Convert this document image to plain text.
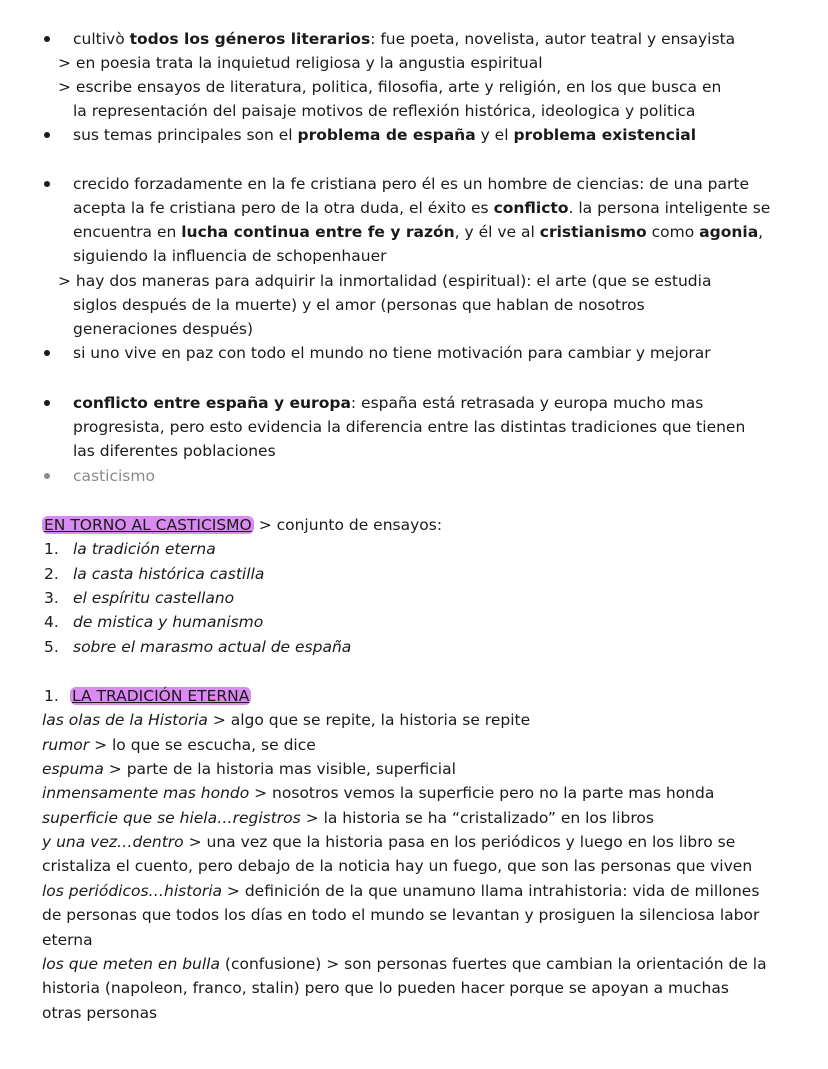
cultivò todos los géneros literarios: fue poeta, novelista, autor teatral y ensayista
> en poesia trata la inquietud religiosa y la angustia espiritual
> escribe ensayos de literatura, politica, filosofia, arte y religión, en los que busca en
la representación del paisaje motivos de reflexión histórica, ideologica y politica
sus temas principales son el problema de españa y el problema existencial
crecido forzadamente en la fe cristiana pero él es un hombre de ciencias: de una parte
acepta la fe cristiana pero de la otra duda, el éxito es conflicto. la persona inteligente se
encuentra en lucha continua entre fe y razón, y él ve al cristianismo como agonia,
siguiendo la influencia de schopenhauer
> hay dos maneras para adquirir la inmortalidad (espiritual): el arte (que se estudia
siglos después de la muerte) y el amor (personas que hablan de nosotros
generaciones después)
si uno vive en paz con todo el mundo no tiene motivación para cambiar y mejorar
conflicto entre españa y europa: españa está retrasada y europa mucho mas
progresista, pero esto evidencia la diferencia entre las distintas tradiciones que tienen
las diferentes poblaciones
casticismo
EN TORNO AL CASTICISMO > conjunto de ensayos:
1. la tradición eterna
2. la casta histórica castilla
3. el espíritu castellano
4. de mistica y humanismo
5. sobre el marasmo actual de españa
1. LA TRADICIÓN ETERNA
las olas de la Historia > algo que se repite, la historia se repite
rumor > lo que se escucha, se dice
espuma > parte de la historia mas visible, superficial
inmensamente mas hondo > nosotros vemos la superficie pero no la parte mas honda
superficie que se hiela…registros > la historia se ha “cristalizado” en los libros
y una vez…dentro > una vez que la historia pasa en los periódicos y luego en los libro se
cristaliza el cuento, pero debajo de la noticia hay un fuego, que son las personas que viven
los periódicos…historia > definición de la que unamuno llama intrahistoria: vida de millones
de personas que todos los días en todo el mundo se levantan y prosiguen la silenciosa labor
eterna
los que meten en bulla (confusione) > son personas fuertes que cambian la orientación de la
historia (napoleon, franco, stalin) pero que lo pueden hacer porque se apoyan a muchas
otras personas
